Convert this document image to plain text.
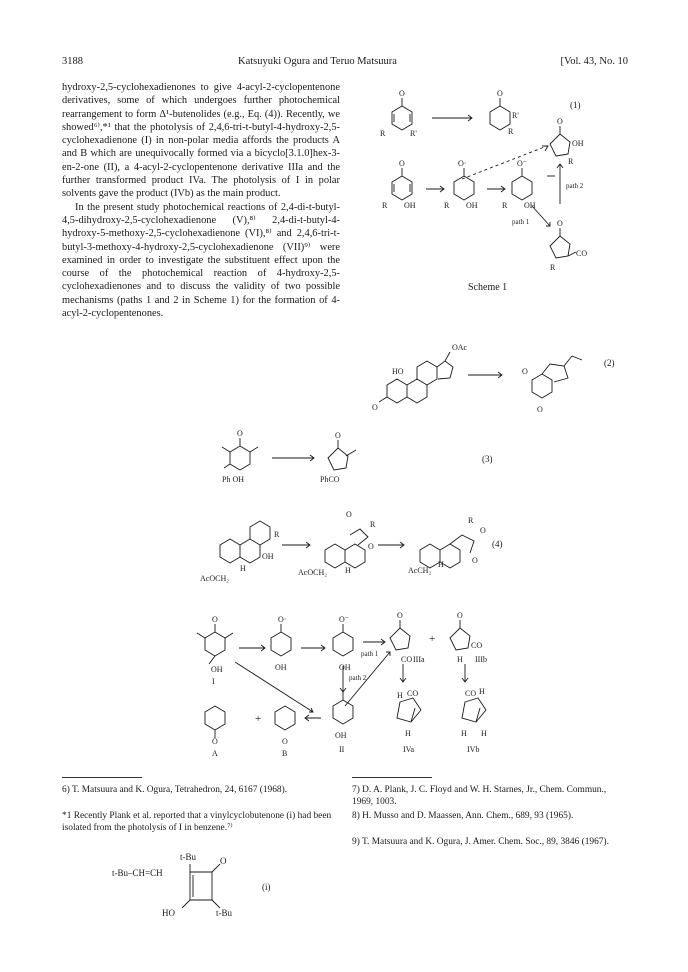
3188	Katsuyuki Ogura and Teruo Matsuura	[Vol. 43, No. 10

hydroxy-2,5-cyclohexadienones to give 4-acyl-2-cyclopentenone derivatives, some of which undergoes further photochemical rearrangement to form Δ¹-butenolides (e.g., Eq. (4)). Recently, we showed⁶⁾,*¹ that the photolysis of 2,4,6-tri-t-butyl-4-hydroxy-2,5-cyclohexadienone (I) in non-polar media affords the products A and B which are unequivocally formed via a bicyclo[3.1.0]hex-3-en-2-one (II), a 4-acyl-2-cyclopentenone derivative IIIa and the further transformed product IVa. The photolysis of I in polar solvents gave the product (IVb) as the main product.

In the present study photochemical reactions of 2,4-di-t-butyl-4,5-dihydroxy-2,5-cyclohexadienone (V),⁸⁾ 2,4-di-t-butyl-4-hydroxy-5-methoxy-2,5-cyclohexadienone (VI),⁸⁾ and 2,4,6-tri-t-butyl-3-methoxy-4-hydroxy-2,5-cyclohexadienone (VII)⁹⁾ were examined in order to investigate the substituent effect upon the course of the photochemical reaction of 4-hydroxy-2,5-cyclohexadienones and to discuss the validity of two possible mechanisms (paths 1 and 2 in Scheme 1) for the formation of 4-acyl-2-cyclopentenones.

O
R	R'
O
R'
R
(1)
O
OH
R
O
R OH
O·
R OH
O⁻
R OH
path 2
path 1	O
CO
R
Scheme 1
OAc
HO
O
O
O
(2)
O
Ph OH
O
PhCO
(3)
R
OH
H
AcOCH₂
O
R
O
H
AcOCH₂
R
O
O
H
AcCH₂
(4)
+
+
O
OH
I
O·
OH
O⁻
OH
path 1
path 2
O
CO IIIa
O
CO
H IIIb
OH
II
O
B
O
A
CO
H
H
IVa
CO H
H H
IVb
6) T. Matsuura and K. Ogura, Tetrahedron, 24, 6167 (1968).
*1 Recently Plank et al. reported that a vinylcyclobutenone (i) had been isolated from the photolysis of I in benzene.⁷⁾
t-Bu
t-Bu–CH=CH
O
HO	t-Bu
(i)
7) D. A. Plank, J. C. Floyd and W. H. Starnes, Jr., Chem. Commun., 1969, 1003.
8) H. Musso and D. Maassen, Ann. Chem., 689, 93 (1965).
9) T. Matsuura and K. Ogura, J. Amer. Chem. Soc., 89, 3846 (1967).
